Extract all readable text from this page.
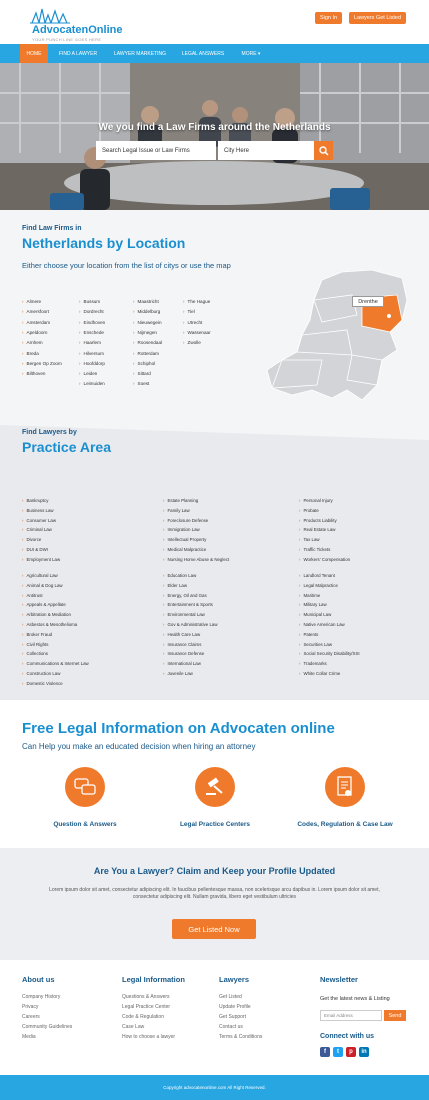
AdvocatenOnline
YOUR PUNCH LINE GOES HERE
Sign In	Lawyers Get Listed
HOME	FIND A LAWYER	LAWYER MARKETING	LEGAL ANSWERS	MORE ▾
We you find a Law Firms around the Netherlands
Search Legal Issue or Law Firms	City Here
Find Law Firms in
Netherlands by Location
Either choose your location from the list of citys or use the map
› Almere
› Amersfoort
› Amsterdam
› Apeldoorn
› Arnhem
› Breda
› Bergen Op Zoom
› Bilthoven
› Bussum
› Dordrecht
› Eindhoven
› Enschede
› Haarlem
› Hilversum
› Hoofddorp
› Leiden
› Leimuiden
› Maastricht
› Middelburg
› Nieuwegein
› Nijmegen
› Roosendaal
› Rotterdam
› Schiphol
› Sittard
› Soest
› The Hague
› Tiel
› Utrecht
› Wassenaar
› Zwolle
Drenthe
Find Lawyers by
Practice Area
› Bankruptcy
› Business Law
› Consumer Law
› Criminal Law
› Divorce
› DUI & DWI
› Employment Law
› Agricultural Law
› Animal & Dog Law
› Antitrust
› Appeals & Appellate
› Arbitration & Mediation
› Asbestos & Mesothelioma
› Broker Fraud
› Civil Rights
› Collections
› Communications & Internet Law
› Construction Law
› Domestic Violence
› Estate Planning
› Family Law
› Foreclosure Defense
› Immigration Law
› Intellectual Property
› Medical Malpractice
› Nursing Home Abuse & Neglect
› Education Law
› Elder Law
› Energy, Oil and Gas
› Entertainment & Sports
› Environmental Law
› Gov & Administrative Law
› Health Care Law
› Insurance Claims
› Insurance Defense
› International Law
› Juvenile Law
› Personal Injury
› Probate
› Products Liability
› Real Estate Law
› Tax Law
› Traffic Tickets
› Workers' Compensation
› Landlord Tenant
› Legal Malpractice
› Maritime
› Military Law
› Municipal Law
› Native American Law
› Patents
› Securities Law
› Social Security Disability/SSI
› Trademarks
› White Collar Crime
Free Legal Information on Advocaten online
Can Help you make an educated decision when hiring an attorney
Question & Answers	Legal Practice Centers	Codes, Regulation & Case Law
Are You a Lawyer? Claim and Keep your Profile Updated
Lorem ipsum dolor sit amet, consectetur adipiscing elit. In faucibus pellentesque massa, non scelerisque arcu dapibus in. Lorem ipsum dolor sit amet, consectetur adipiscing elit. Nullam gravida, libero eget vestibulum ultricies
Get Listed Now
About us
Company History
Privacy
Careers
Community Guidelines
Media
Legal Information
Questions & Answers
Legal Practice Center
Code & Regulation
Case Law
How to choose a lawyer
Lawyers
Get Listed
Update Profile
Get Support
Contact us
Terms & Conditions
Newsletter
Get the latest news & Listing
Email Address	Send
Connect with us
f	t	p	in
Copyright advocatenonline.com All Right Reserved.
